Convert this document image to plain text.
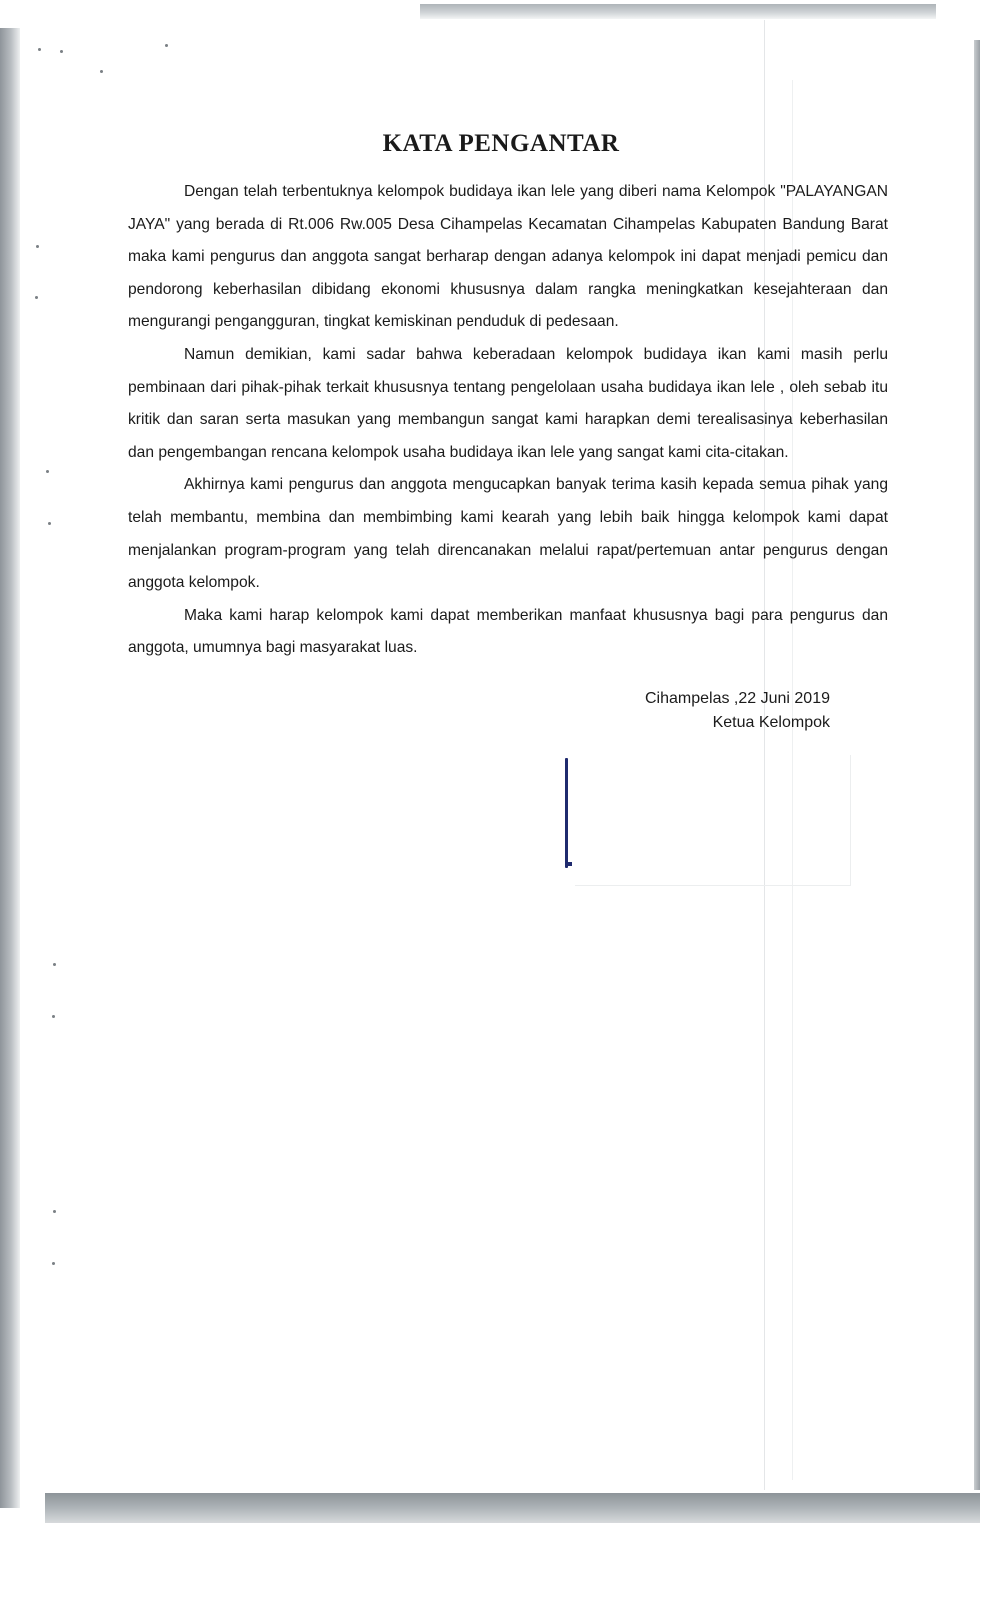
KATA PENGANTAR

Dengan telah terbentuknya kelompok budidaya ikan lele yang diberi nama Kelompok "PALAYANGAN JAYA" yang berada di Rt.006 Rw.005 Desa Cihampelas Kecamatan Cihampelas Kabupaten Bandung Barat maka kami pengurus dan anggota sangat berharap dengan adanya kelompok ini dapat menjadi pemicu dan pendorong keberhasilan dibidang ekonomi khususnya dalam rangka meningkatkan kesejahteraan dan mengurangi pengangguran, tingkat kemiskinan penduduk di pedesaan.

Namun demikian, kami sadar bahwa keberadaan kelompok budidaya ikan kami masih perlu pembinaan dari pihak-pihak terkait khususnya tentang pengelolaan usaha budidaya ikan lele , oleh sebab itu kritik dan saran serta masukan yang membangun sangat kami harapkan demi terealisasinya keberhasilan dan pengembangan rencana kelompok usaha budidaya ikan lele yang sangat kami cita-citakan.

Akhirnya kami pengurus dan anggota mengucapkan banyak terima kasih kepada semua pihak yang telah membantu, membina dan membimbing kami kearah yang lebih baik hingga kelompok kami dapat menjalankan program-program yang telah direncanakan melalui rapat/pertemuan antar pengurus dengan anggota kelompok.

Maka kami harap kelompok kami dapat memberikan manfaat khususnya bagi para pengurus dan anggota, umumnya bagi masyarakat luas.

Cihampelas ,22 Juni 2019
Ketua Kelompok
